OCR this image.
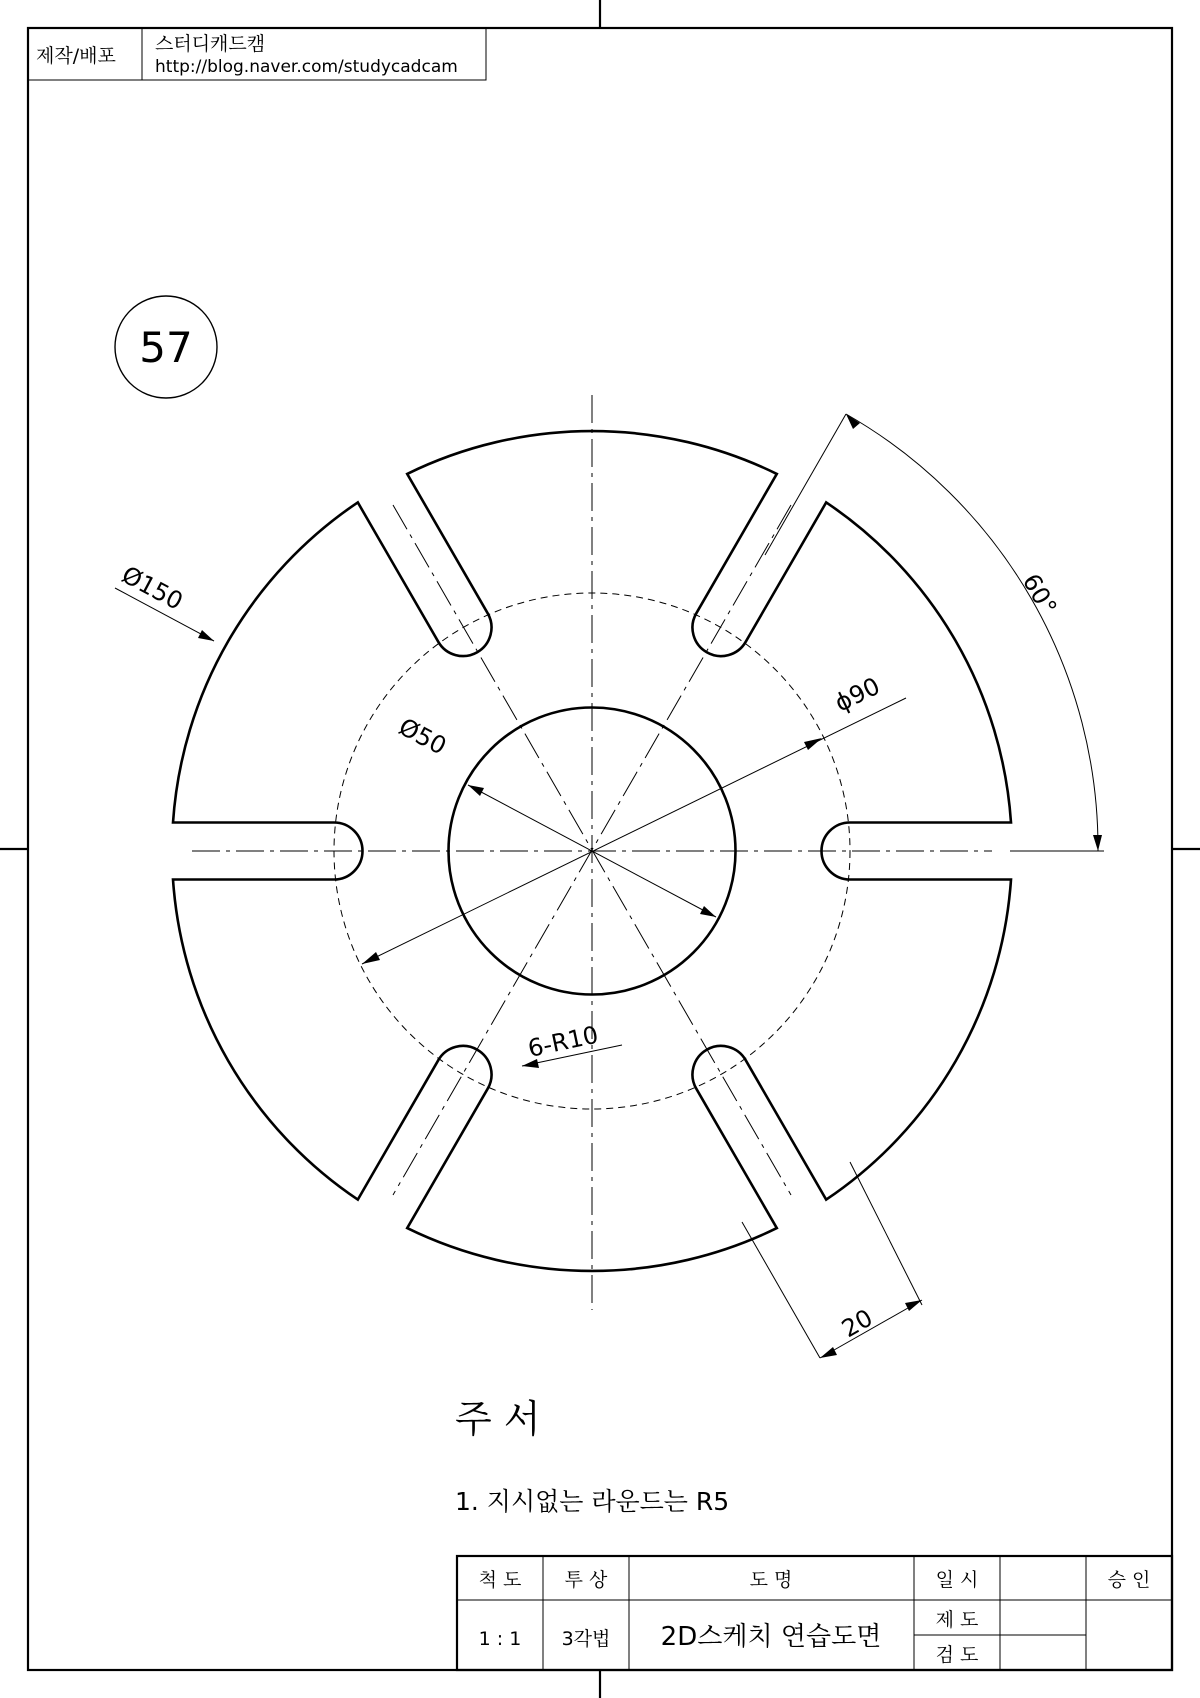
제작/배포
스터디캐드캠
http://blog.naver.com/studycadcam
57
Ø150
ϕ90
Ø50
60°
6-R10
20
주 서
1. 지시없는 라운드는 R5
척 도
1 : 1
투 상
3각법
도 명
2D스케치 연습도면
일 시	승 인
제 도
검 도
